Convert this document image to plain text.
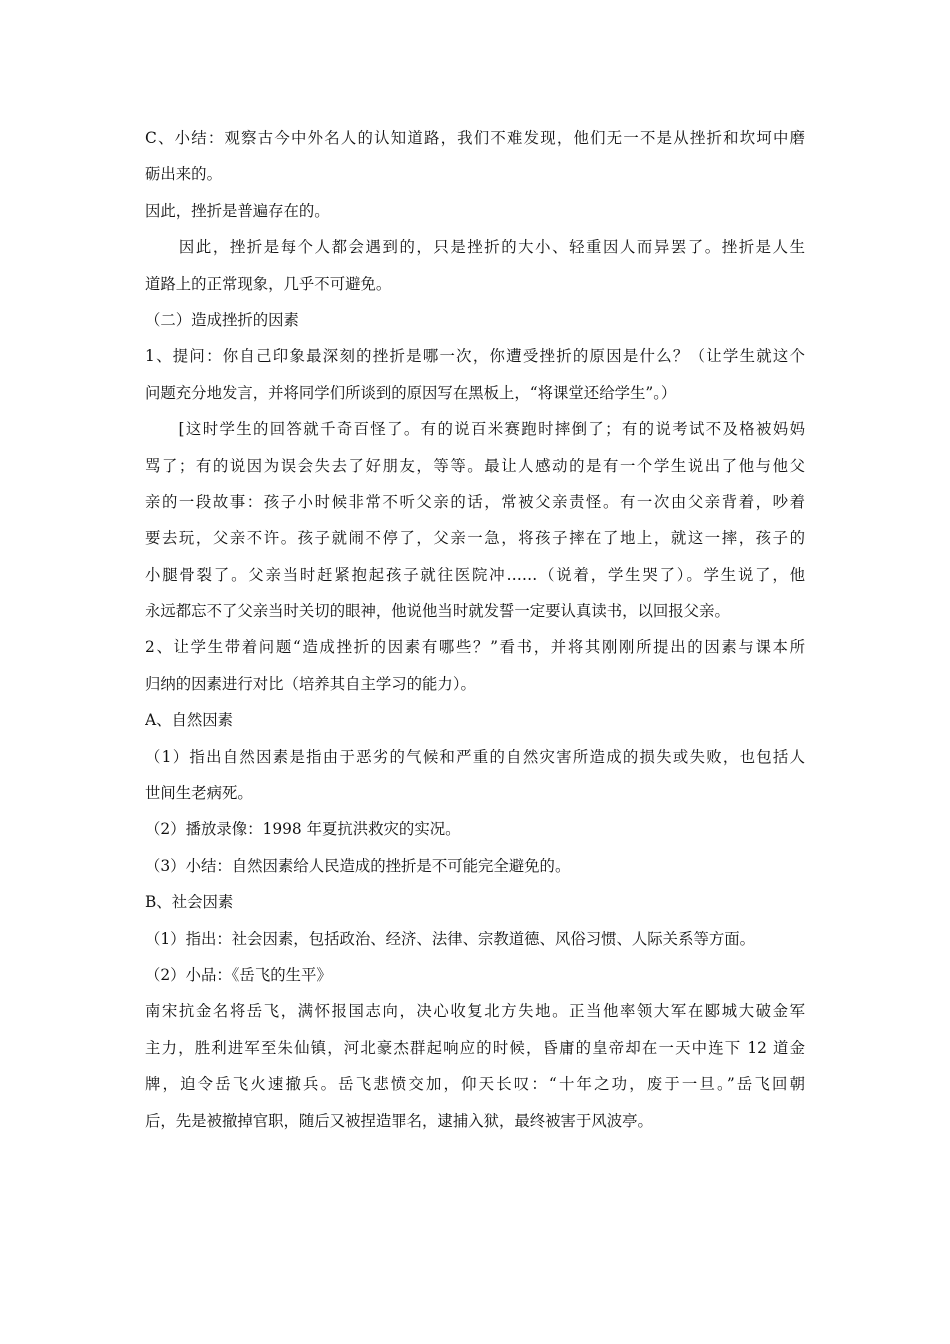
C、小结：观察古今中外名人的认知道路，我们不难发现，他们无一不是从挫折和坎坷中磨
砺出来的。
因此，挫折是普遍存在的。
　　因此，挫折是每个人都会遇到的，只是挫折的大小、轻重因人而异罢了。挫折是人生
道路上的正常现象，几乎不可避免。
（二）造成挫折的因素
1、提问：你自己印象最深刻的挫折是哪一次，你遭受挫折的原因是什么？（让学生就这个
问题充分地发言，并将同学们所谈到的原因写在黑板上，“将课堂还给学生”。）
　　[这时学生的回答就千奇百怪了。有的说百米赛跑时摔倒了；有的说考试不及格被妈妈
骂了；有的说因为误会失去了好朋友，等等。最让人感动的是有一个学生说出了他与他父
亲的一段故事：孩子小时候非常不听父亲的话，常被父亲责怪。有一次由父亲背着，吵着
要去玩，父亲不许。孩子就闹不停了，父亲一急，将孩子摔在了地上，就这一摔，孩子的
小腿骨裂了。父亲当时赶紧抱起孩子就往医院冲……（说着，学生哭了）。学生说了，他
永远都忘不了父亲当时关切的眼神，他说他当时就发誓一定要认真读书，以回报父亲。
2、让学生带着问题“造成挫折的因素有哪些？”看书，并将其刚刚所提出的因素与课本所
归纳的因素进行对比（培养其自主学习的能力）。
A、自然因素
（1）指出自然因素是指由于恶劣的气候和严重的自然灾害所造成的损失或失败，也包括人
世间生老病死。
（2）播放录像：1998 年夏抗洪救灾的实况。
（3）小结：自然因素给人民造成的挫折是不可能完全避免的。
B、社会因素
（1）指出：社会因素，包括政治、经济、法律、宗教道德、风俗习惯、人际关系等方面。
（2）小品：《岳飞的生平》
南宋抗金名将岳飞，满怀报国志向，决心收复北方失地。正当他率领大军在郾城大破金军
主力，胜利进军至朱仙镇，河北豪杰群起响应的时候，昏庸的皇帝却在一天中连下 12 道金
牌，迫令岳飞火速撤兵。岳飞悲愤交加，仰天长叹：“十年之功，废于一旦。”岳飞回朝
后，先是被撤掉官职，随后又被捏造罪名，逮捕入狱，最终被害于风波亭。
